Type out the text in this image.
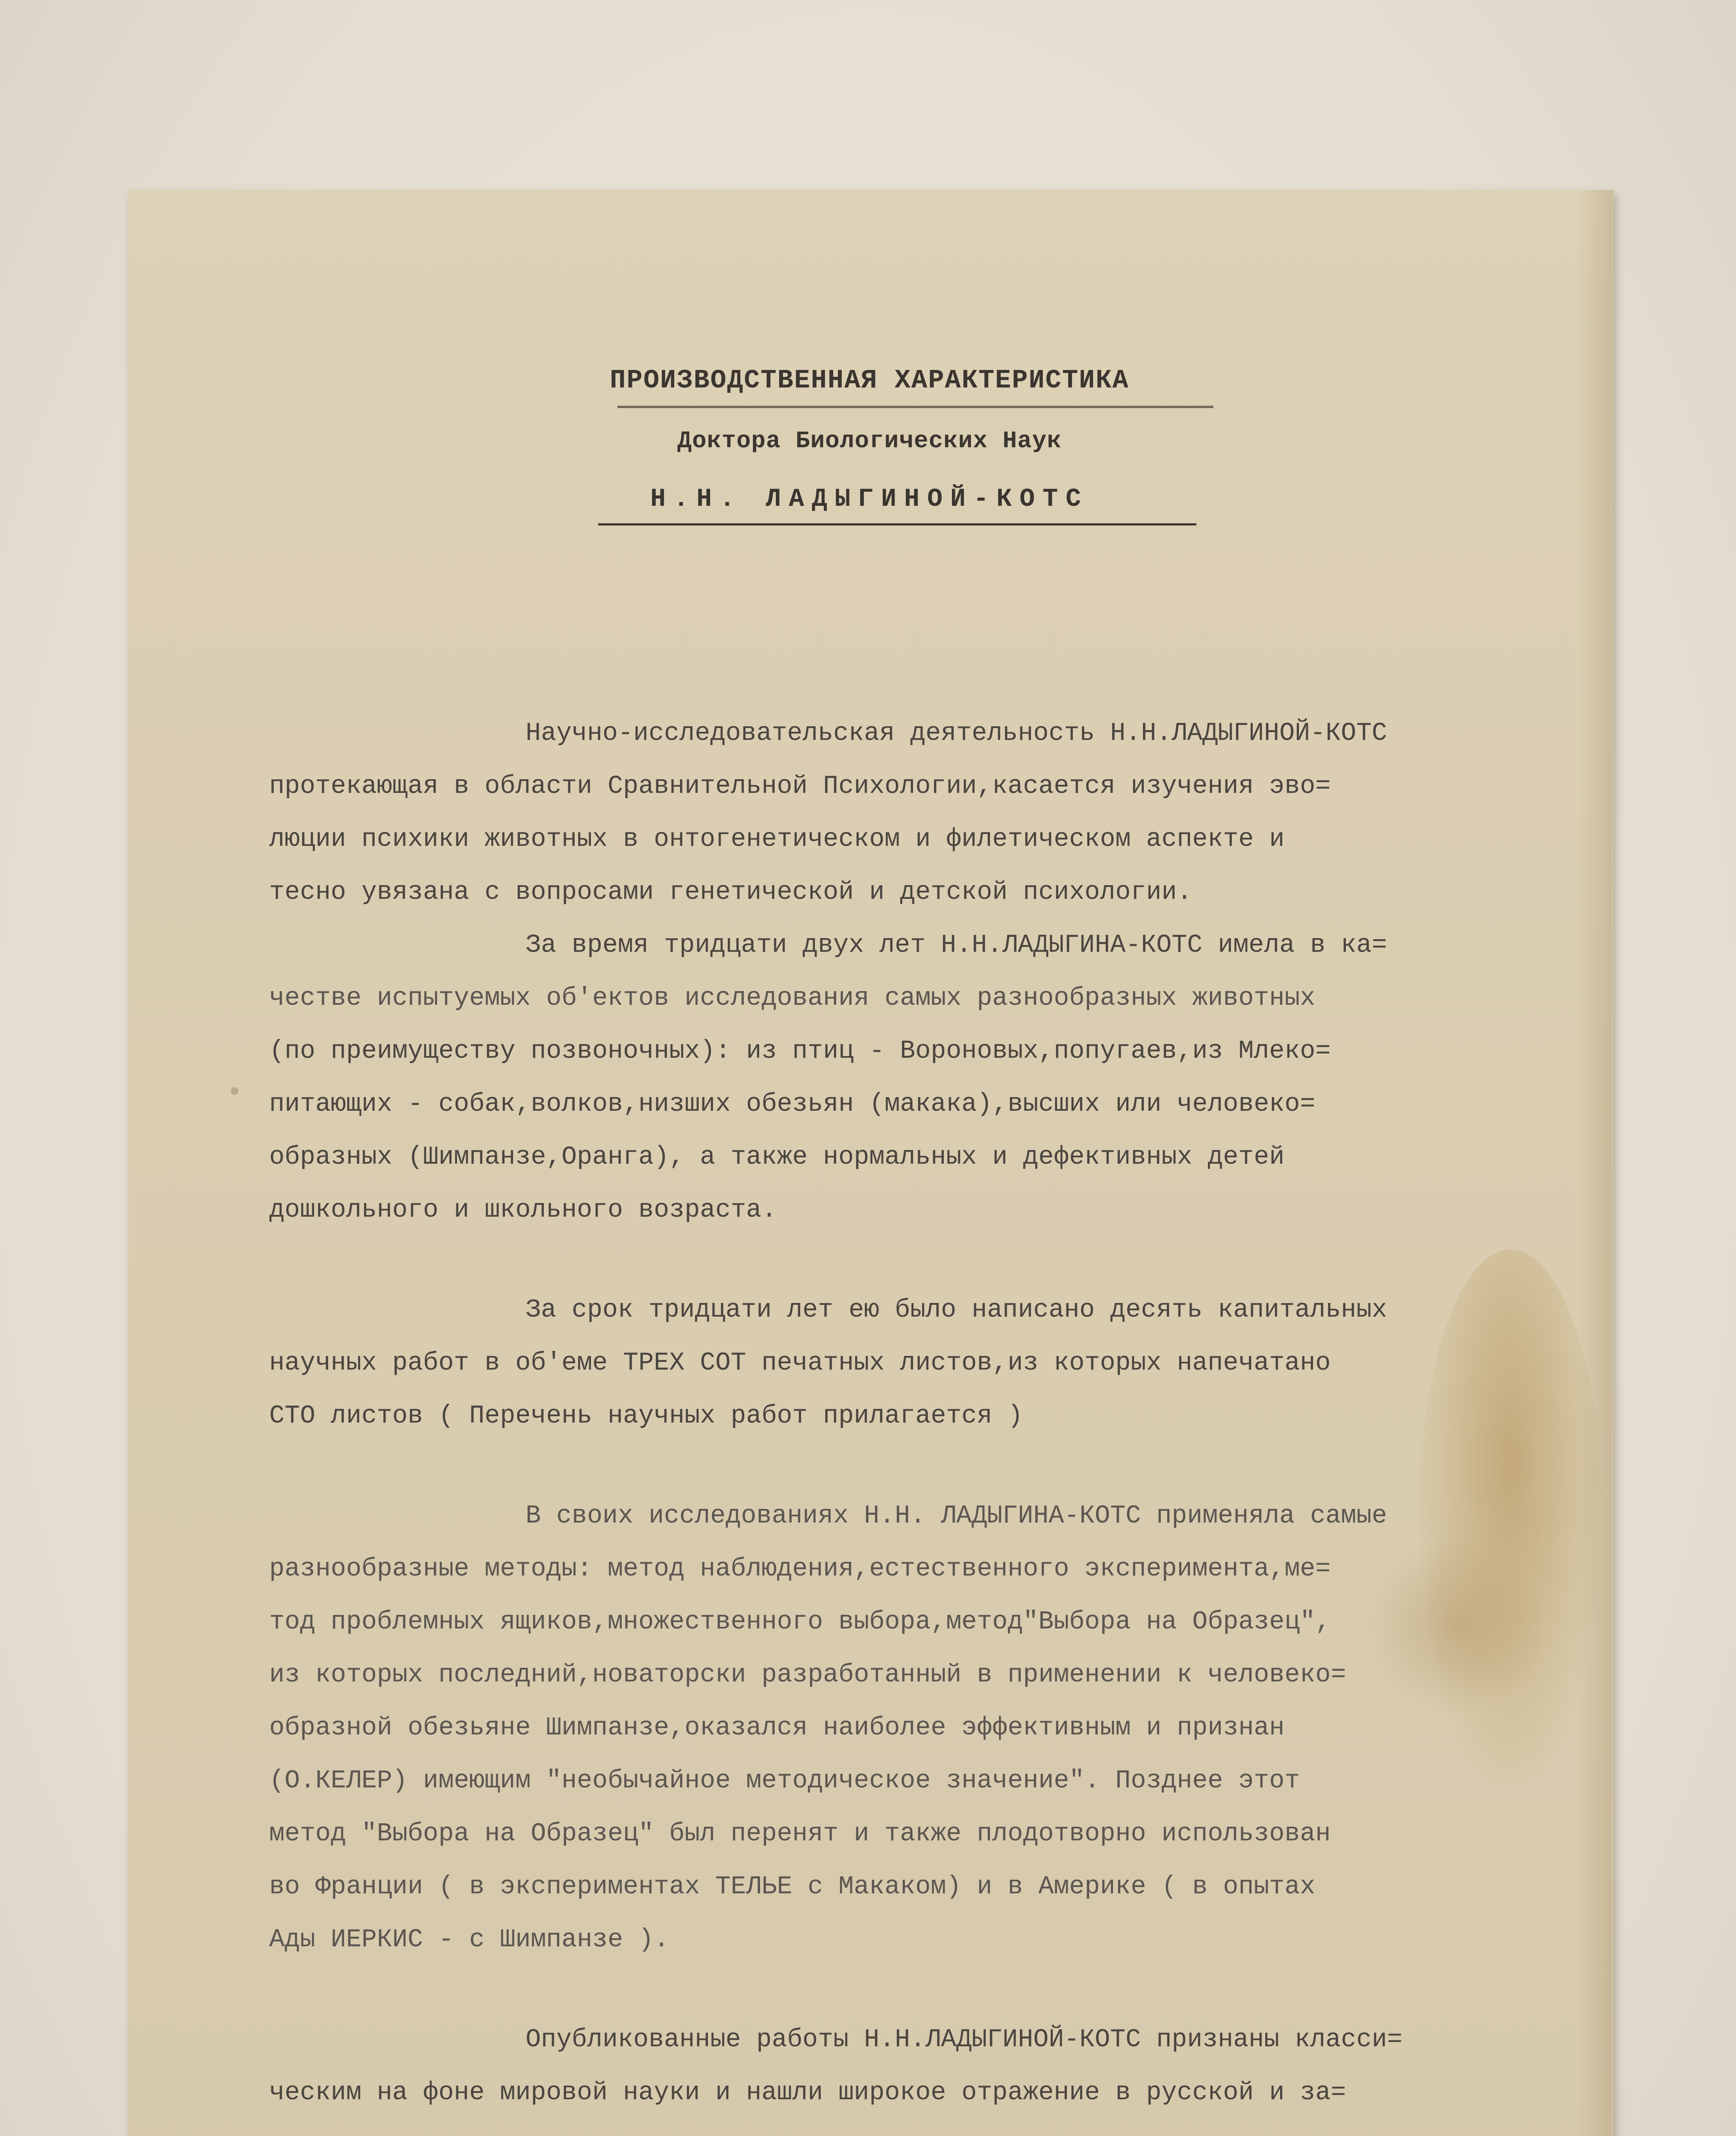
ПРОИЗВОДСТВЕННАЯ ХАРАКТЕРИСТИКА
Доктора Биологических Наук
Н.Н. ЛАДЫГИНОЙ-КОТС

Научно-исследовательская деятельность Н.Н.ЛАДЫГИНОЙ-КОТС
протекающая в области Сравнительной Психологии,касается изучения эво=
люции психики животных в онтогенетическом и филетическом аспекте и
тесно увязана с вопросами генетической и детской психологии.

За время тридцати двух лет Н.Н.ЛАДЫГИНА-КОТС имела в ка=
честве испытуемых об'ектов исследования самых разнообразных животных
(по преимуществу позвоночных): из птиц - Вороновых,попугаев,из Млеко=
питающих - собак,волков,низших обезьян (макака),высших или человеко=
образных (Шимпанзе,Оранга), а также нормальных и дефективных детей
дошкольного и школьного возраста.

За срок тридцати лет ею было написано десять капитальных
научных работ в об'еме ТРЕХ СОТ печатных листов,из которых напечатано
СТО листов ( Перечень научных работ прилагается )

В своих исследованиях Н.Н. ЛАДЫГИНА-КОТС применяла самые
разнообразные методы: метод наблюдения,естественного эксперимента,ме=
тод проблемных ящиков,множественного выбора,метод"Выбора на Образец",
из которых последний,новаторски разработанный в применении к человеко=
образной обезьяне Шимпанзе,оказался наиболее эффективным и признан
(О.КЕЛЕР) имеющим "необычайное методическое значение". Позднее этот
метод "Выбора на Образец" был перенят и также плодотворно использован
во Франции ( в экспериментах ТЕЛЬЕ с Макаком) и в Америке ( в опытах
Ады ИЕРКИС - с Шимпанзе ).

Опубликованные работы Н.Н.ЛАДЫГИНОЙ-КОТС признаны класси=
ческим на фоне мировой науки и нашли широкое отражение в русской и за=
